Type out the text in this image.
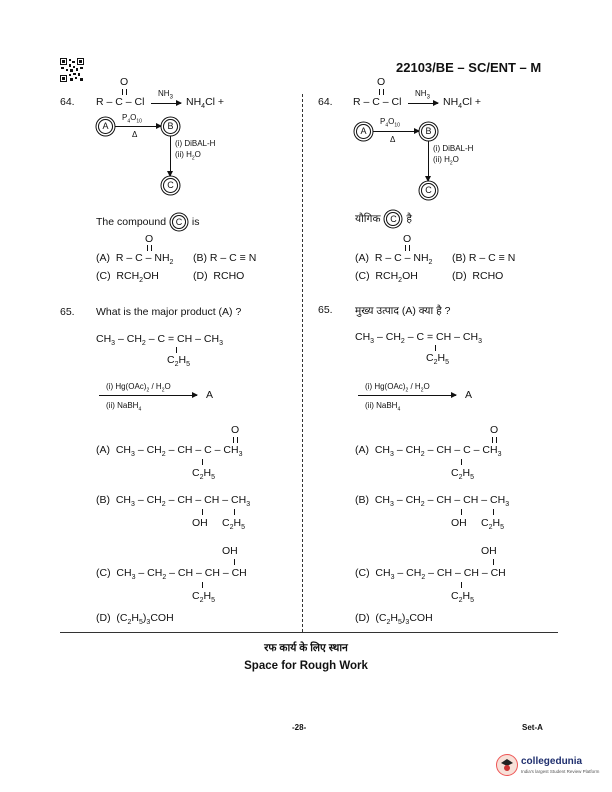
22103/BE – SC/ENT – M
64.
O
R – C – Cl
$NH_3 \to NH_4Cl$ +
A
$P_4O_{10}$
Δ
B
(i) DiBAL-H
(ii) $H_2O$
C
The compound C is
O
(A) R – C – $NH_2$ (B) R – C ≡ N
(C) $RCH_2OH$	(D) RCHO
65. What is the major product (A) ?
$CH_3 - CH_2$ – C = CH – $CH_3$
$C_2H_5$
(i) $Hg(OAc)_2 / H_2O$
A
(ii) NaBH$_4$
O
(A)  $CH_3 - CH_2$ – CH – C – $CH_3$
$C_2H_5$
(B)  $CH_3 - CH_2$ – CH – CH – $CH_3$
OH $C_2H_5$
OH
(C)  $CH_3 - CH_2$ – CH – CH – CH
$C_2H_5$
(D) $(C_2H_5)_3COH$
64.
O
R – C – Cl
$NH_3 \to NH_4Cl$ +
A
$P_4O_{10}$
Δ
B
(i) DiBAL-H
(ii) $H_2O$
C
यौगिक C है
O
(A) R – C – $NH_2$ (B) R – C ≡ N
(C) $RCH_2OH$	(D) RCHO
65. मुख्य उत्पाद (A) क्या है ?
$CH_3 - CH_2$ – C = CH – $CH_3$
$C_2H_5$
(i) $Hg(OAc)_2 / H_2O$
A
(ii) NaBH$_4$
O
(A)  $CH_3 - CH_2$ – CH – C – $CH_3$
$C_2H_5$
(B)  $CH_3 - CH_2$ – CH – CH – $CH_3$
OH $C_2H_5$
OH
(C)  $CH_3 - CH_2$ – CH – CH – CH
$C_2H_5$
(D) $(C_2H_5)_3COH$
रफ कार्य के लिए स्थान
Space for Rough Work
-28-	Set-A
collegedunia
India's largest Student Review Platform
